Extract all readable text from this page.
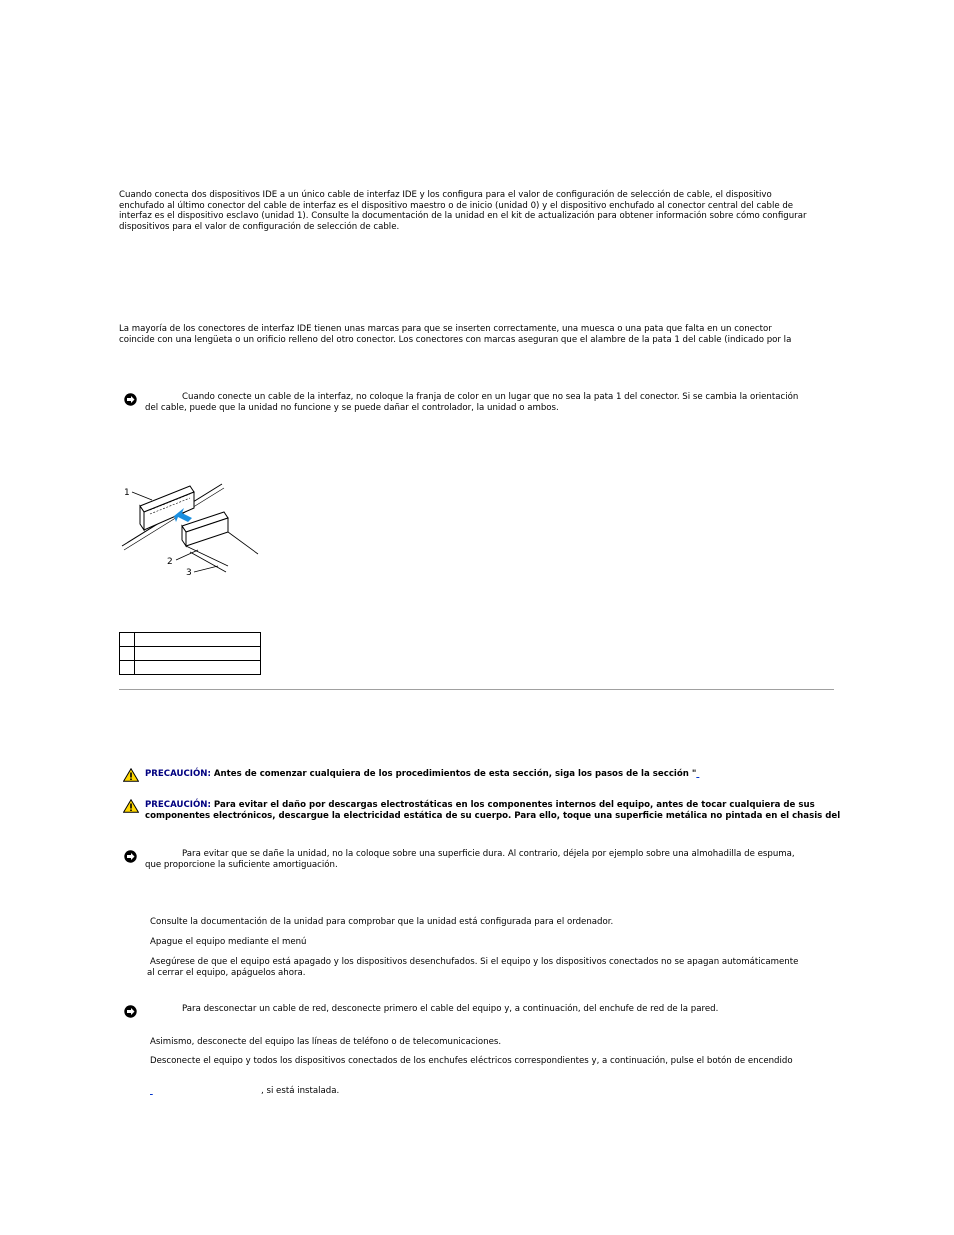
Cuando conecta dos dispositivos IDE a un único cable de interfaz IDE y los configura para el valor de configuración de selección de cable, el dispositivo
enchufado al último conector del cable de interfaz es el dispositivo maestro o de inicio (unidad 0) y el dispositivo enchufado al conector central del cable de
interfaz es el dispositivo esclavo (unidad 1). Consulte la documentación de la unidad en el kit de actualización para obtener información sobre cómo configurar
dispositivos para el valor de configuración de selección de cable.
La mayoría de los conectores de interfaz IDE tienen unas marcas para que se inserten correctamente, una muesca o una pata que falta en un conector
coincide con una lengüeta o un orificio relleno del otro conector. Los conectores con marcas aseguran que el alambre de la pata 1 del cable (indicado por la
Cuando conecte un cable de la interfaz, no coloque la franja de color en un lugar que no sea la pata 1 del conector. Si se cambia la orientación
del cable, puede que la unidad no funcione y se puede dañar el controlador, la unidad o ambos.
1
2
3

PRECAUCIÓN: Antes de comenzar cualquiera de los procedimientos de esta sección, siga los pasos de la sección "
PRECAUCIÓN: Para evitar el daño por descargas electrostáticas en los componentes internos del equipo, antes de tocar cualquiera de sus
componentes electrónicos, descargue la electricidad estática de su cuerpo. Para ello, toque una superficie metálica no pintada en el chasis del
Para evitar que se dañe la unidad, no la coloque sobre una superficie dura. Al contrario, déjela por ejemplo sobre una almohadilla de espuma,
que proporcione la suficiente amortiguación.
Consulte la documentación de la unidad para comprobar que la unidad está configurada para el ordenador.
Apague el equipo mediante el menú
Asegúrese de que el equipo está apagado y los dispositivos desenchufados. Si el equipo y los dispositivos conectados no se apagan automáticamente
al cerrar el equipo, apáguelos ahora.
Para desconectar un cable de red, desconecte primero el cable del equipo y, a continuación, del enchufe de red de la pared.
Asimismo, desconecte del equipo las líneas de teléfono o de telecomunicaciones.
Desconecte el equipo y todos los dispositivos conectados de los enchufes eléctricos correspondientes y, a continuación, pulse el botón de encendido
, si está instalada.
